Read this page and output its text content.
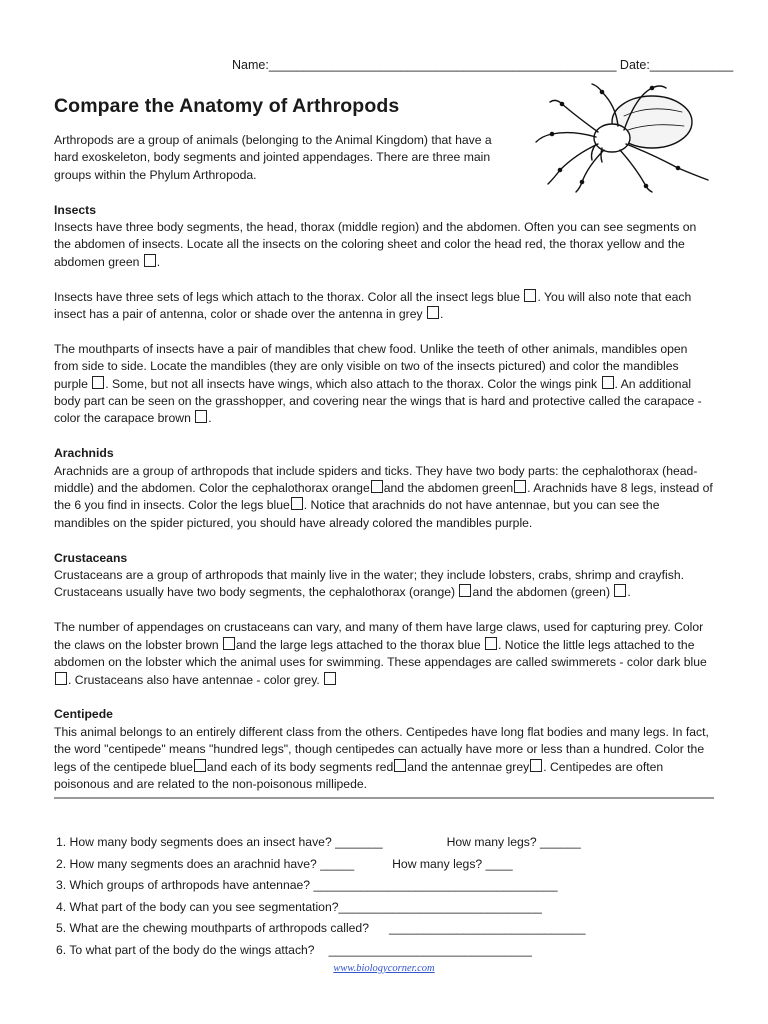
Name:__________________________________________________ Date:____________
Compare the Anatomy of Arthropods

Arthropods are a group of animals (belonging to the Animal Kingdom) that have a hard exoskeleton, body segments and jointed appendages. There are three main groups within the Phylum Arthropoda.

Insects

Insects have three body segments, the head, thorax (middle region) and the abdomen. Often you can see segments on the abdomen of insects. Locate all the insects on the coloring sheet and color the head red, the thorax yellow and the abdomen green .

Insects have three sets of legs which attach to the thorax. Color all the insect legs blue . You will also note that each insect has a pair of antenna, color or shade over the antenna in grey .

The mouthparts of insects have a pair of mandibles that chew food. Unlike the teeth of other animals, mandibles open from side to side. Locate the mandibles (they are only visible on two of the insects pictured) and color the mandibles purple . Some, but not all insects have wings, which also attach to the thorax. Color the wings pink . An additional body part can be seen on the grasshopper, and covering near the wings that is hard and protective called the carapace - color the carapace brown .

Arachnids

Arachnids are a group of arthropods that include spiders and ticks. They have two body parts: the cephalothorax (head-middle) and the abdomen. Color the cephalothorax orange and the abdomen green . Arachnids have 8 legs, instead of the 6 you find in insects. Color the legs blue . Notice that arachnids do not have antennae, but you can see the mandibles on the spider pictured, you should have already colored the mandibles purple.

Crustaceans

Crustaceans are a group of arthropods that mainly live in the water; they include lobsters, crabs, shrimp and crayfish. Crustaceans usually have two body segments, the cephalothorax (orange) and the abdomen (green) .

The number of appendages on crustaceans can vary, and many of them have large claws, used for capturing prey. Color the claws on the lobster brown and the large legs attached to the thorax blue . Notice the little legs attached to the abdomen on the lobster which the animal uses for swimming. These appendages are called swimmerets - color dark blue . Crustaceans also have antennae - color grey.

Centipede

This animal belongs to an entirely different class from the others. Centipedes have long flat bodies and many legs. In fact, the word "centipede" means "hundred legs", though centipedes can actually have more or less than a hundred. Color the legs of the centipede blue and each of its body segments red and the antennae grey . Centipedes are often poisonous and are related to the non-poisonous millipede.

1. How many body segments does an insect have? _______	How many legs? ______
2. How many segments does an arachnid have? _____	How many legs? ____
3. Which groups of arthropods have antennae? ____________________________________
4. What part of the body can you see segmentation?______________________________
5. What are the chewing mouthparts of arthropods called? _____________________________
6. To what part of the body do the wings attach? ______________________________
www.biologycorner.com
